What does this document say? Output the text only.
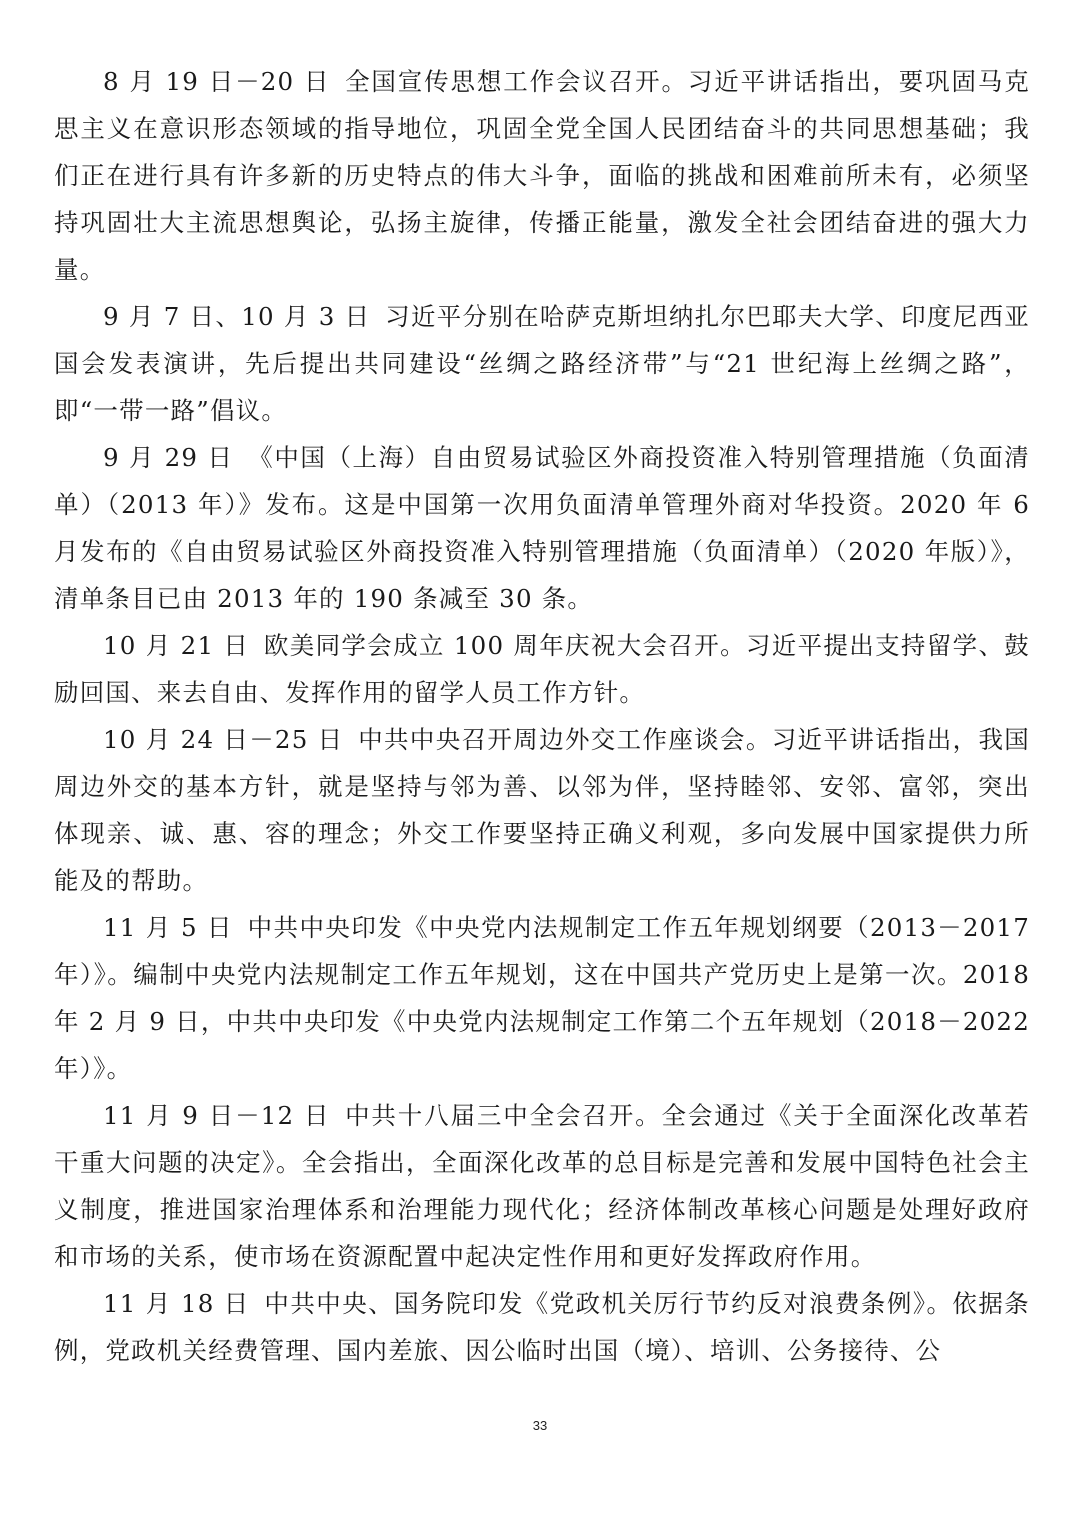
8 月 19 日－20 日 全国宣传思想工作会议召开。习近平讲话指出，要巩固马克思主义在意识形态领域的指导地位，巩固全党全国人民团结奋斗的共同思想基础；我们正在进行具有许多新的历史特点的伟大斗争，面临的挑战和困难前所未有，必须坚持巩固壮大主流思想舆论，弘扬主旋律，传播正能量，激发全社会团结奋进的强大力量。

9 月 7 日、10 月 3 日 习近平分别在哈萨克斯坦纳扎尔巴耶夫大学、印度尼西亚国会发表演讲，先后提出共同建设“丝绸之路经济带”与“21 世纪海上丝绸之路”，即“一带一路”倡议。

9 月 29 日 《中国（上海）自由贸易试验区外商投资准入特别管理措施（负面清单）（2013 年）》发布。这是中国第一次用负面清单管理外商对华投资。2020 年 6 月发布的《自由贸易试验区外商投资准入特别管理措施（负面清单）（2020 年版）》，清单条目已由 2013 年的 190 条减至 30 条。

10 月 21 日 欧美同学会成立 100 周年庆祝大会召开。习近平提出支持留学、鼓励回国、来去自由、发挥作用的留学人员工作方针。

10 月 24 日－25 日 中共中央召开周边外交工作座谈会。习近平讲话指出，我国周边外交的基本方针，就是坚持与邻为善、以邻为伴，坚持睦邻、安邻、富邻，突出体现亲、诚、惠、容的理念；外交工作要坚持正确义利观，多向发展中国家提供力所能及的帮助。

11 月 5 日 中共中央印发《中央党内法规制定工作五年规划纲要（2013－2017 年）》。编制中央党内法规制定工作五年规划，这在中国共产党历史上是第一次。2018 年 2 月 9 日，中共中央印发《中央党内法规制定工作第二个五年规划（2018－2022 年）》。

11 月 9 日－12 日 中共十八届三中全会召开。全会通过《关于全面深化改革若干重大问题的决定》。全会指出，全面深化改革的总目标是完善和发展中国特色社会主义制度，推进国家治理体系和治理能力现代化；经济体制改革核心问题是处理好政府和市场的关系，使市场在资源配置中起决定性作用和更好发挥政府作用。

11 月 18 日 中共中央、国务院印发《党政机关厉行节约反对浪费条例》。依据条例，党政机关经费管理、国内差旅、因公临时出国（境）、培训、公务接待、公

33
